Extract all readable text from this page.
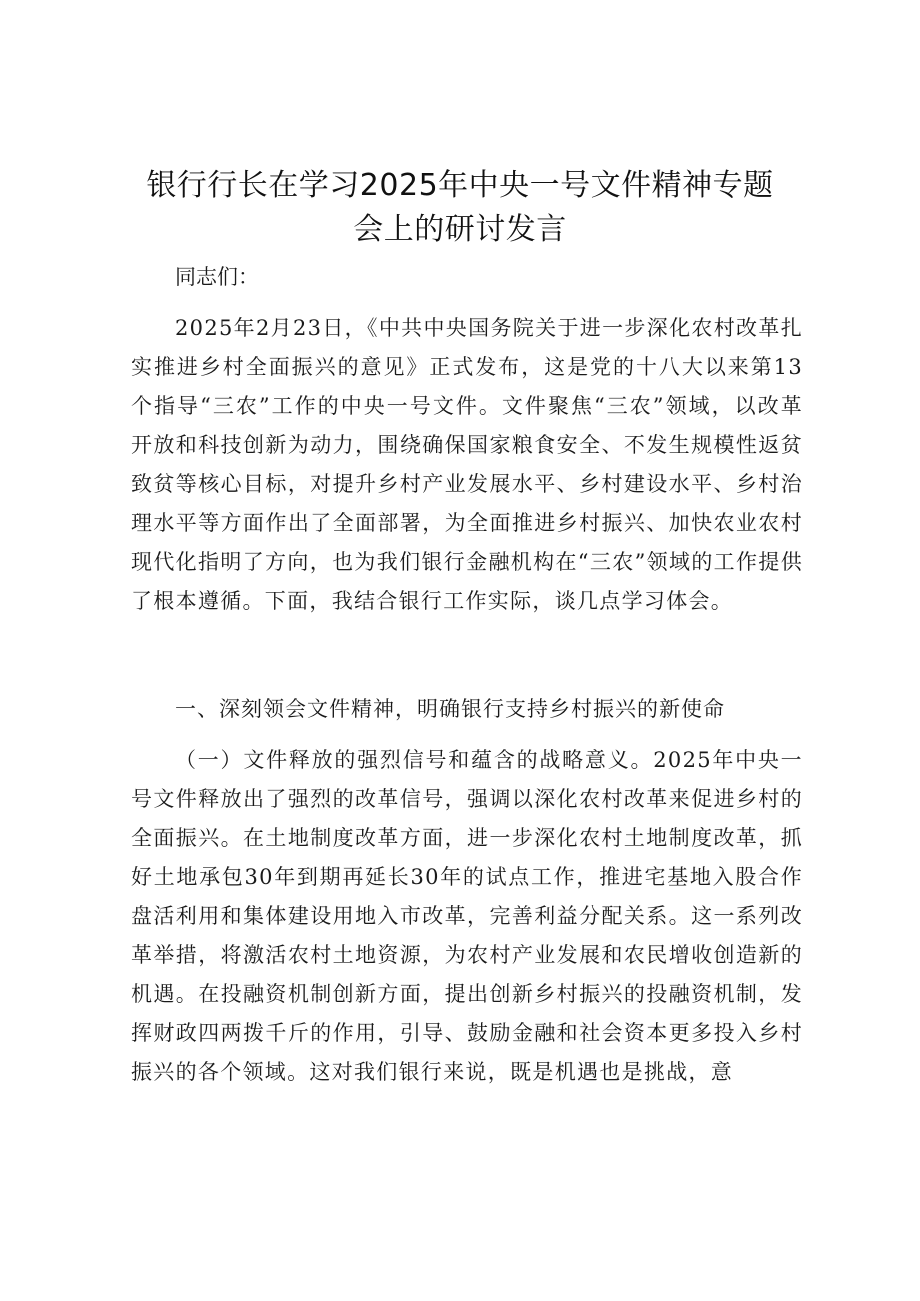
银行行长在学习2025年中央一号文件精神专题
会上的研讨发言
同志们：
2025年2月23日，《中共中央国务院关于进一步深化农村改革扎实推进乡村全面振兴的意见》正式发布，这是党的十八大以来第13个指导“三农”工作的中央一号文件。文件聚焦“三农”领域，以改革开放和科技创新为动力，围绕确保国家粮食安全、不发生规模性返贫致贫等核心目标，对提升乡村产业发展水平、乡村建设水平、乡村治理水平等方面作出了全面部署，为全面推进乡村振兴、加快农业农村现代化指明了方向，也为我们银行金融机构在“三农”领域的工作提供了根本遵循。下面，我结合银行工作实际，谈几点学习体会。
一、深刻领会文件精神，明确银行支持乡村振兴的新使命
（一）文件释放的强烈信号和蕴含的战略意义。2025年中央一号文件释放出了强烈的改革信号，强调以深化农村改革来促进乡村的全面振兴。在土地制度改革方面，进一步深化农村土地制度改革，抓好土地承包30年到期再延长30年的试点工作，推进宅基地入股合作盘活利用和集体建设用地入市改革，完善利益分配关系。这一系列改革举措，将激活农村土地资源，为农村产业发展和农民增收创造新的机遇。在投融资机制创新方面，提出创新乡村振兴的投融资机制，发挥财政四两拨千斤的作用，引导、鼓励金融和社会资本更多投入乡村振兴的各个领域。这对我们银行来说，既是机遇也是挑战，意
